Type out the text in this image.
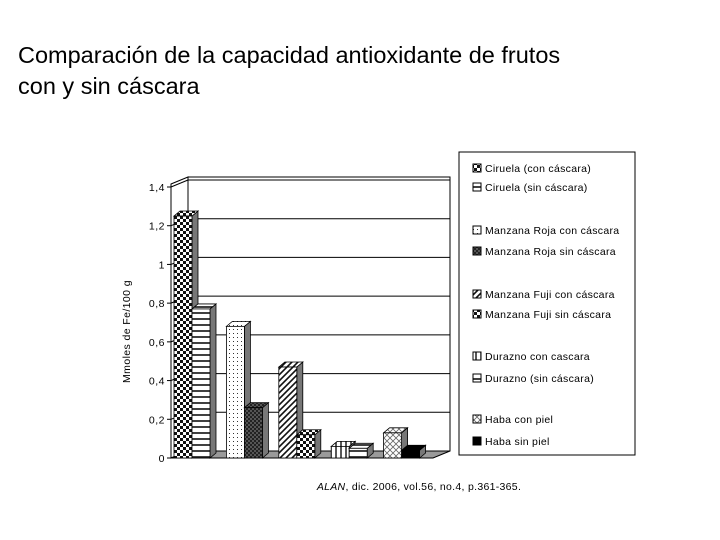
Comparación de la capacidad antioxidante de frutos
con y sin cáscara
0
0,2
0,4
0,6
0,8
1
1,2
1,4
Mmoles de Fe/100 g
Ciruela (con cáscara)
Ciruela (sin cáscara)
Manzana Roja con cáscara
Manzana Roja sin cáscara
Manzana Fuji con cáscara
Manzana Fuji sin cáscara
Durazno con cascara
Durazno (sin cáscara)
Haba con piel
Haba sin piel
ALAN, dic. 2006, vol.56, no.4, p.361-365.
